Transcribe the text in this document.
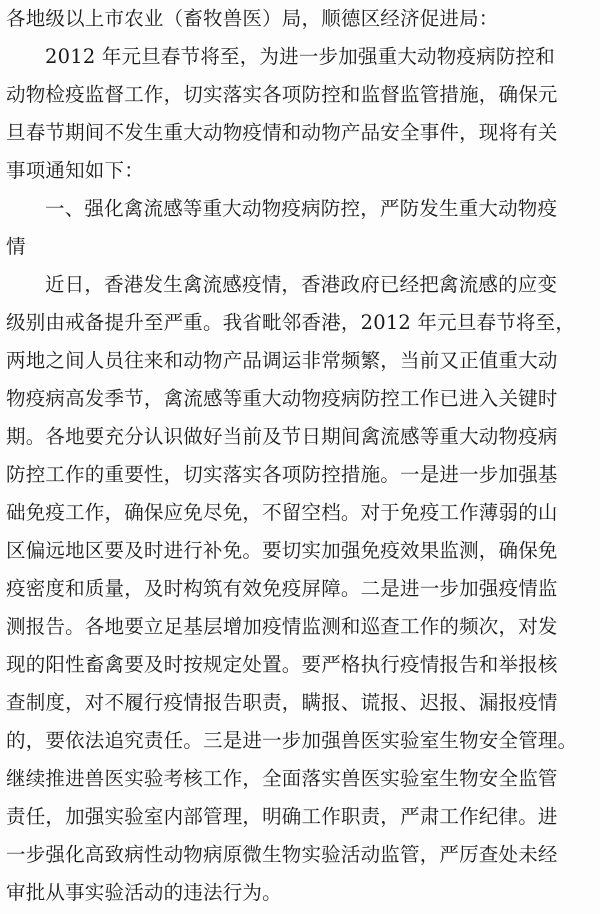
各地级以上市农业（畜牧兽医）局，顺德区经济促进局：
2012 年元旦春节将至，为进一步加强重大动物疫病防控和
动物检疫监督工作，切实落实各项防控和监督监管措施，确保元
旦春节期间不发生重大动物疫情和动物产品安全事件，现将有关
事项通知如下：
一、强化禽流感等重大动物疫病防控，严防发生重大动物疫
情
近日，香港发生禽流感疫情，香港政府已经把禽流感的应变
级别由戒备提升至严重。我省毗邻香港，2012 年元旦春节将至，
两地之间人员往来和动物产品调运非常频繁，当前又正值重大动
物疫病高发季节，禽流感等重大动物疫病防控工作已进入关键时
期。各地要充分认识做好当前及节日期间禽流感等重大动物疫病
防控工作的重要性，切实落实各项防控措施。一是进一步加强基
础免疫工作，确保应免尽免，不留空档。对于免疫工作薄弱的山
区偏远地区要及时进行补免。要切实加强免疫效果监测，确保免
疫密度和质量，及时构筑有效免疫屏障。二是进一步加强疫情监
测报告。各地要立足基层增加疫情监测和巡查工作的频次，对发
现的阳性畜禽要及时按规定处置。要严格执行疫情报告和举报核
查制度，对不履行疫情报告职责，瞒报、谎报、迟报、漏报疫情
的，要依法追究责任。三是进一步加强兽医实验室生物安全管理。
继续推进兽医实验考核工作，全面落实兽医实验室生物安全监管
责任，加强实验室内部管理，明确工作职责，严肃工作纪律。进
一步强化高致病性动物病原微生物实验活动监管，严厉查处未经
审批从事实验活动的违法行为。
